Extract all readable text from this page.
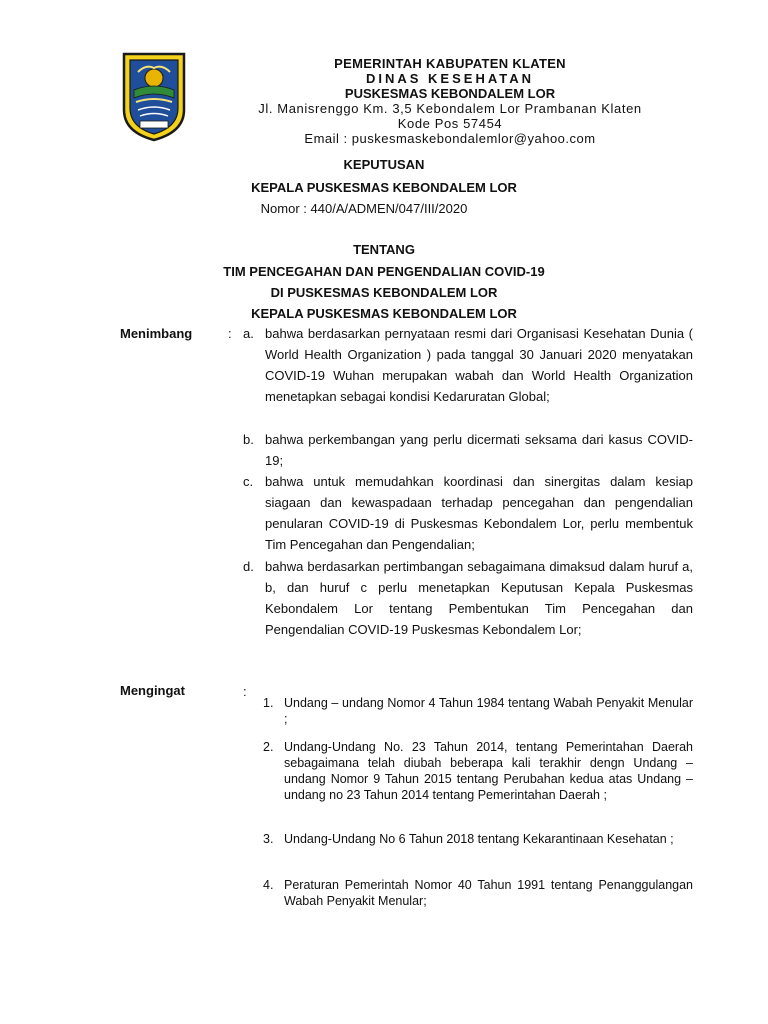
PEMERINTAH KABUPATEN KLATEN
DINAS KESEHATAN
PUSKESMAS KEBONDALEM LOR
Jl. Manisrenggo Km. 3,5 Kebondalem Lor Prambanan Klaten
Kode Pos 57454
Email : puskesmaskebondalemlor@yahoo.com
KEPUTUSAN
KEPALA PUSKESMAS KEBONDALEM LOR
Nomor : 440/A/ADMEN/047/III/2020
TENTANG
TIM PENCEGAHAN DAN PENGENDALIAN COVID-19
DI PUSKESMAS KEBONDALEM LOR
KEPALA PUSKESMAS KEBONDALEM LOR
Menimbang	: a. bahwa berdasarkan pernyataan resmi dari Organisasi Kesehatan Dunia ( World Health Organization ) pada tanggal 30 Januari 2020 menyatakan COVID-19 Wuhan merupakan wabah dan World Health Organization menetapkan sebagai kondisi Kedaruratan Global;
b. bahwa perkembangan yang perlu dicermati seksama dari kasus COVID-19;
c. bahwa untuk memudahkan koordinasi dan sinergitas dalam kesiap siagaan dan kewaspadaan terhadap pencegahan dan pengendalian penularan COVID-19 di Puskesmas Kebondalem Lor, perlu membentuk Tim Pencegahan dan Pengendalian;
d. bahwa berdasarkan pertimbangan sebagaimana dimaksud dalam huruf a, b, dan huruf c perlu menetapkan Keputusan Kepala Puskesmas Kebondalem Lor tentang Pembentukan Tim Pencegahan dan Pengendalian COVID-19 Puskesmas Kebondalem Lor;
Mengingat	:
1. Undang – undang Nomor 4 Tahun 1984 tentang Wabah Penyakit Menular ;
2. Undang-Undang No. 23 Tahun 2014, tentang Pemerintahan Daerah sebagaimana telah diubah beberapa kali terakhir dengn Undang – undang Nomor 9 Tahun 2015 tentang Perubahan kedua atas Undang – undang no 23 Tahun 2014 tentang Pemerintahan Daerah ;
3. Undang-Undang No 6 Tahun 2018 tentang Kekarantinaan Kesehatan ;
4. Peraturan Pemerintah Nomor 40 Tahun 1991 tentang Penanggulangan Wabah Penyakit Menular;
